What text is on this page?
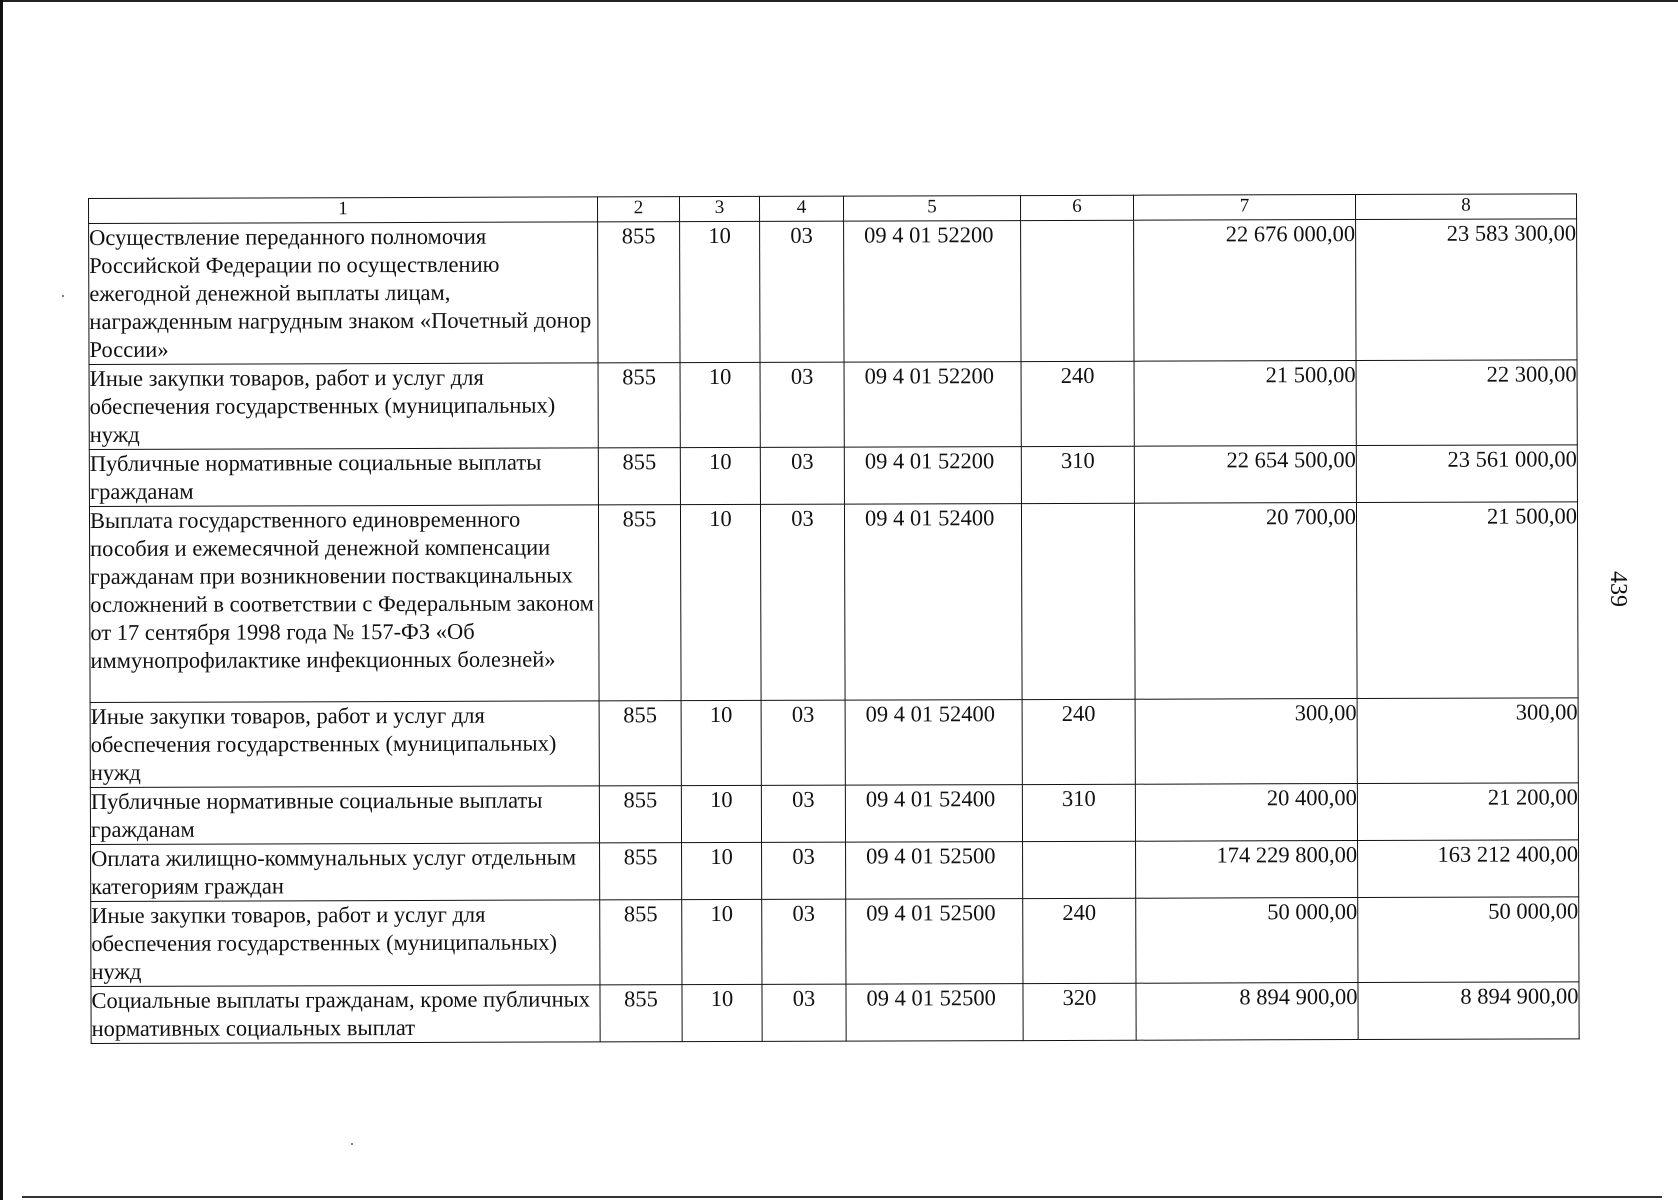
1	2	3	4	5	6	7	8
Осуществление переданного полномочия Российской Федерации по осуществлению ежегодной денежной выплаты лицам, награжденным нагрудным знаком «Почетный донор России»	855	10	03	09 4 01 52200		22 676 000,00	23 583 300,00
Иные закупки товаров, работ и услуг для обеспечения государственных (муниципальных) нужд	855	10	03	09 4 01 52200	240	21 500,00	22 300,00
Публичные нормативные социальные выплаты гражданам	855	10	03	09 4 01 52200	310	22 654 500,00	23 561 000,00
Выплата государственного единовременного пособия и ежемесячной денежной компенсации гражданам при возникновении поствакцинальных осложнений в соответствии с Федеральным законом от 17 сентября 1998 года № 157-ФЗ «Об иммунопрофилактике инфекционных болезней»	855	10	03	09 4 01 52400		20 700,00	21 500,00
Иные закупки товаров, работ и услуг для обеспечения государственных (муниципальных) нужд	855	10	03	09 4 01 52400	240	300,00	300,00
Публичные нормативные социальные выплаты гражданам	855	10	03	09 4 01 52400	310	20 400,00	21 200,00
Оплата жилищно-коммунальных услуг отдельным категориям граждан	855	10	03	09 4 01 52500		174 229 800,00	163 212 400,00
Иные закупки товаров, работ и услуг для обеспечения государственных (муниципальных) нужд	855	10	03	09 4 01 52500	240	50 000,00	50 000,00
Социальные выплаты гражданам, кроме публичных нормативных социальных выплат	855	10	03	09 4 01 52500	320	8 894 900,00	8 894 900,00
439
